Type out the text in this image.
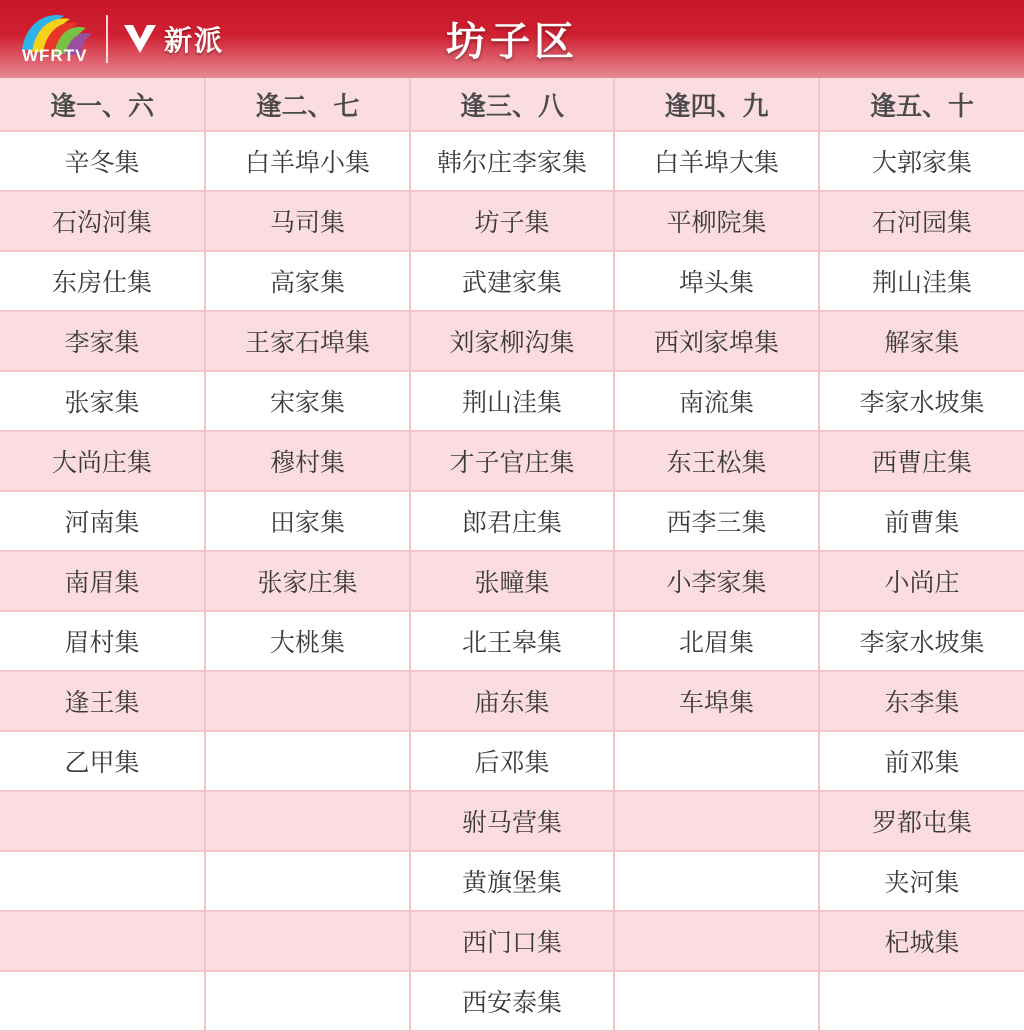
WFRTV	新派	坊子区
逢一、六	逢二、七	逢三、八	逢四、九	逢五、十
辛冬集	白羊埠小集	韩尔庄李家集	白羊埠大集	大郭家集
石沟河集	马司集	坊子集	平柳院集	石河园集
东房仕集	高家集	武建家集	埠头集	荆山洼集
李家集	王家石埠集	刘家柳沟集	西刘家埠集	解家集
张家集	宋家集	荆山洼集	南流集	李家水坡集
大尚庄集	穆村集	才子官庄集	东王松集	西曹庄集
河南集	田家集	郎君庄集	西李三集	前曹集
南眉集	张家庄集	张疃集	小李家集	小尚庄
眉村集	大桃集	北王皋集	北眉集	李家水坡集
逢王集		庙东集	车埠集	东李集
乙甲集		后邓集		前邓集
		驸马营集		罗都屯集
		黄旗堡集		夹河集
		西门口集		杞城集
		西安泰集		
